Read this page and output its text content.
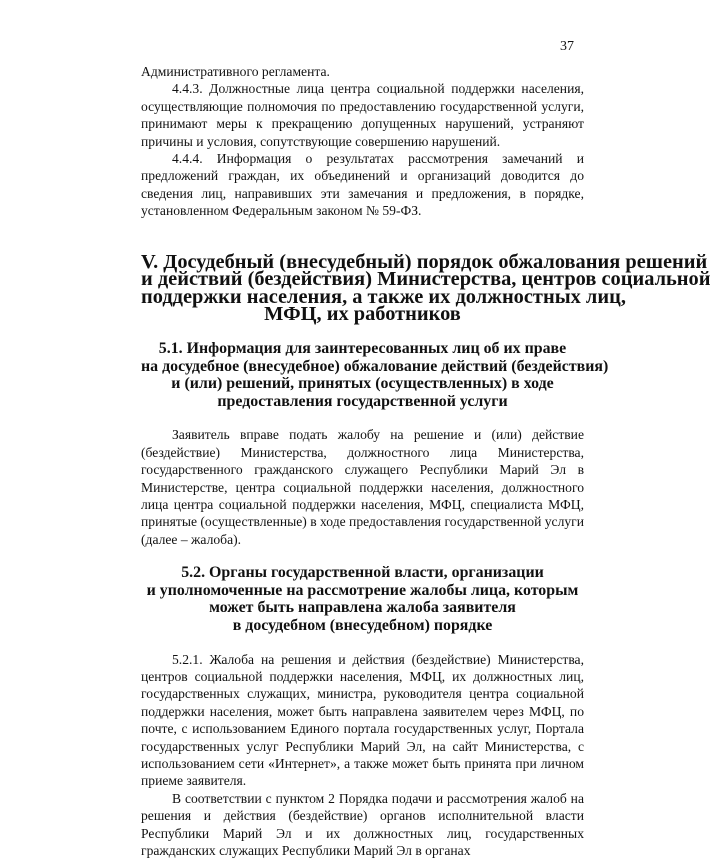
37

Административного регламента.

4.4.3. Должностные лица центра социальной поддержки населения, осуществляющие полномочия по предоставлению государственной услуги, принимают меры к прекращению допущенных нарушений, устраняют причины и условия, сопутствующие совершению нарушений.

4.4.4. Информация о результатах рассмотрения замечаний и предложений граждан, их объединений и организаций доводится до сведения лиц, направивших эти замечания и предложения, в порядке, установленном Федеральным законом № 59-ФЗ.

V. Досудебный (внесудебный) порядок обжалования решений
и действий (бездействия) Министерства, центров социальной
поддержки населения, а также их должностных лиц,
МФЦ, их работников
5.1. Информация для заинтересованных лиц об их праве
на досудебное (внесудебное) обжалование действий (бездействия)
и (или) решений, принятых (осуществленных) в ходе
предоставления государственной услуги

Заявитель вправе подать жалобу на решение и (или) действие (бездействие) Министерства, должностного лица Министерства, государственного гражданского служащего Республики Марий Эл в Министерстве, центра социальной поддержки населения, должностного лица центра социальной поддержки населения, МФЦ, специалиста МФЦ, принятые (осуществленные) в ходе предоставления государственной услуги (далее – жалоба).

5.2. Органы государственной власти, организации
и уполномоченные на рассмотрение жалобы лица, которым
может быть направлена жалоба заявителя
в досудебном (внесудебном) порядке

5.2.1. Жалоба на решения и действия (бездействие) Министерства, центров социальной поддержки населения, МФЦ, их должностных лиц, государственных служащих, министра, руководителя центра социальной поддержки населения, может быть направлена заявителем через МФЦ, по почте, с использованием Единого портала государственных услуг, Портала государственных услуг Республики Марий Эл, на сайт Министерства, с использованием сети «Интернет», а также может быть принята при личном приеме заявителя.

В соответствии с пунктом 2 Порядка подачи и рассмотрения жалоб на решения и действия (бездействие) органов исполнительной власти Республики Марий Эл и их должностных лиц, государственных гражданских служащих Республики Марий Эл в органах
